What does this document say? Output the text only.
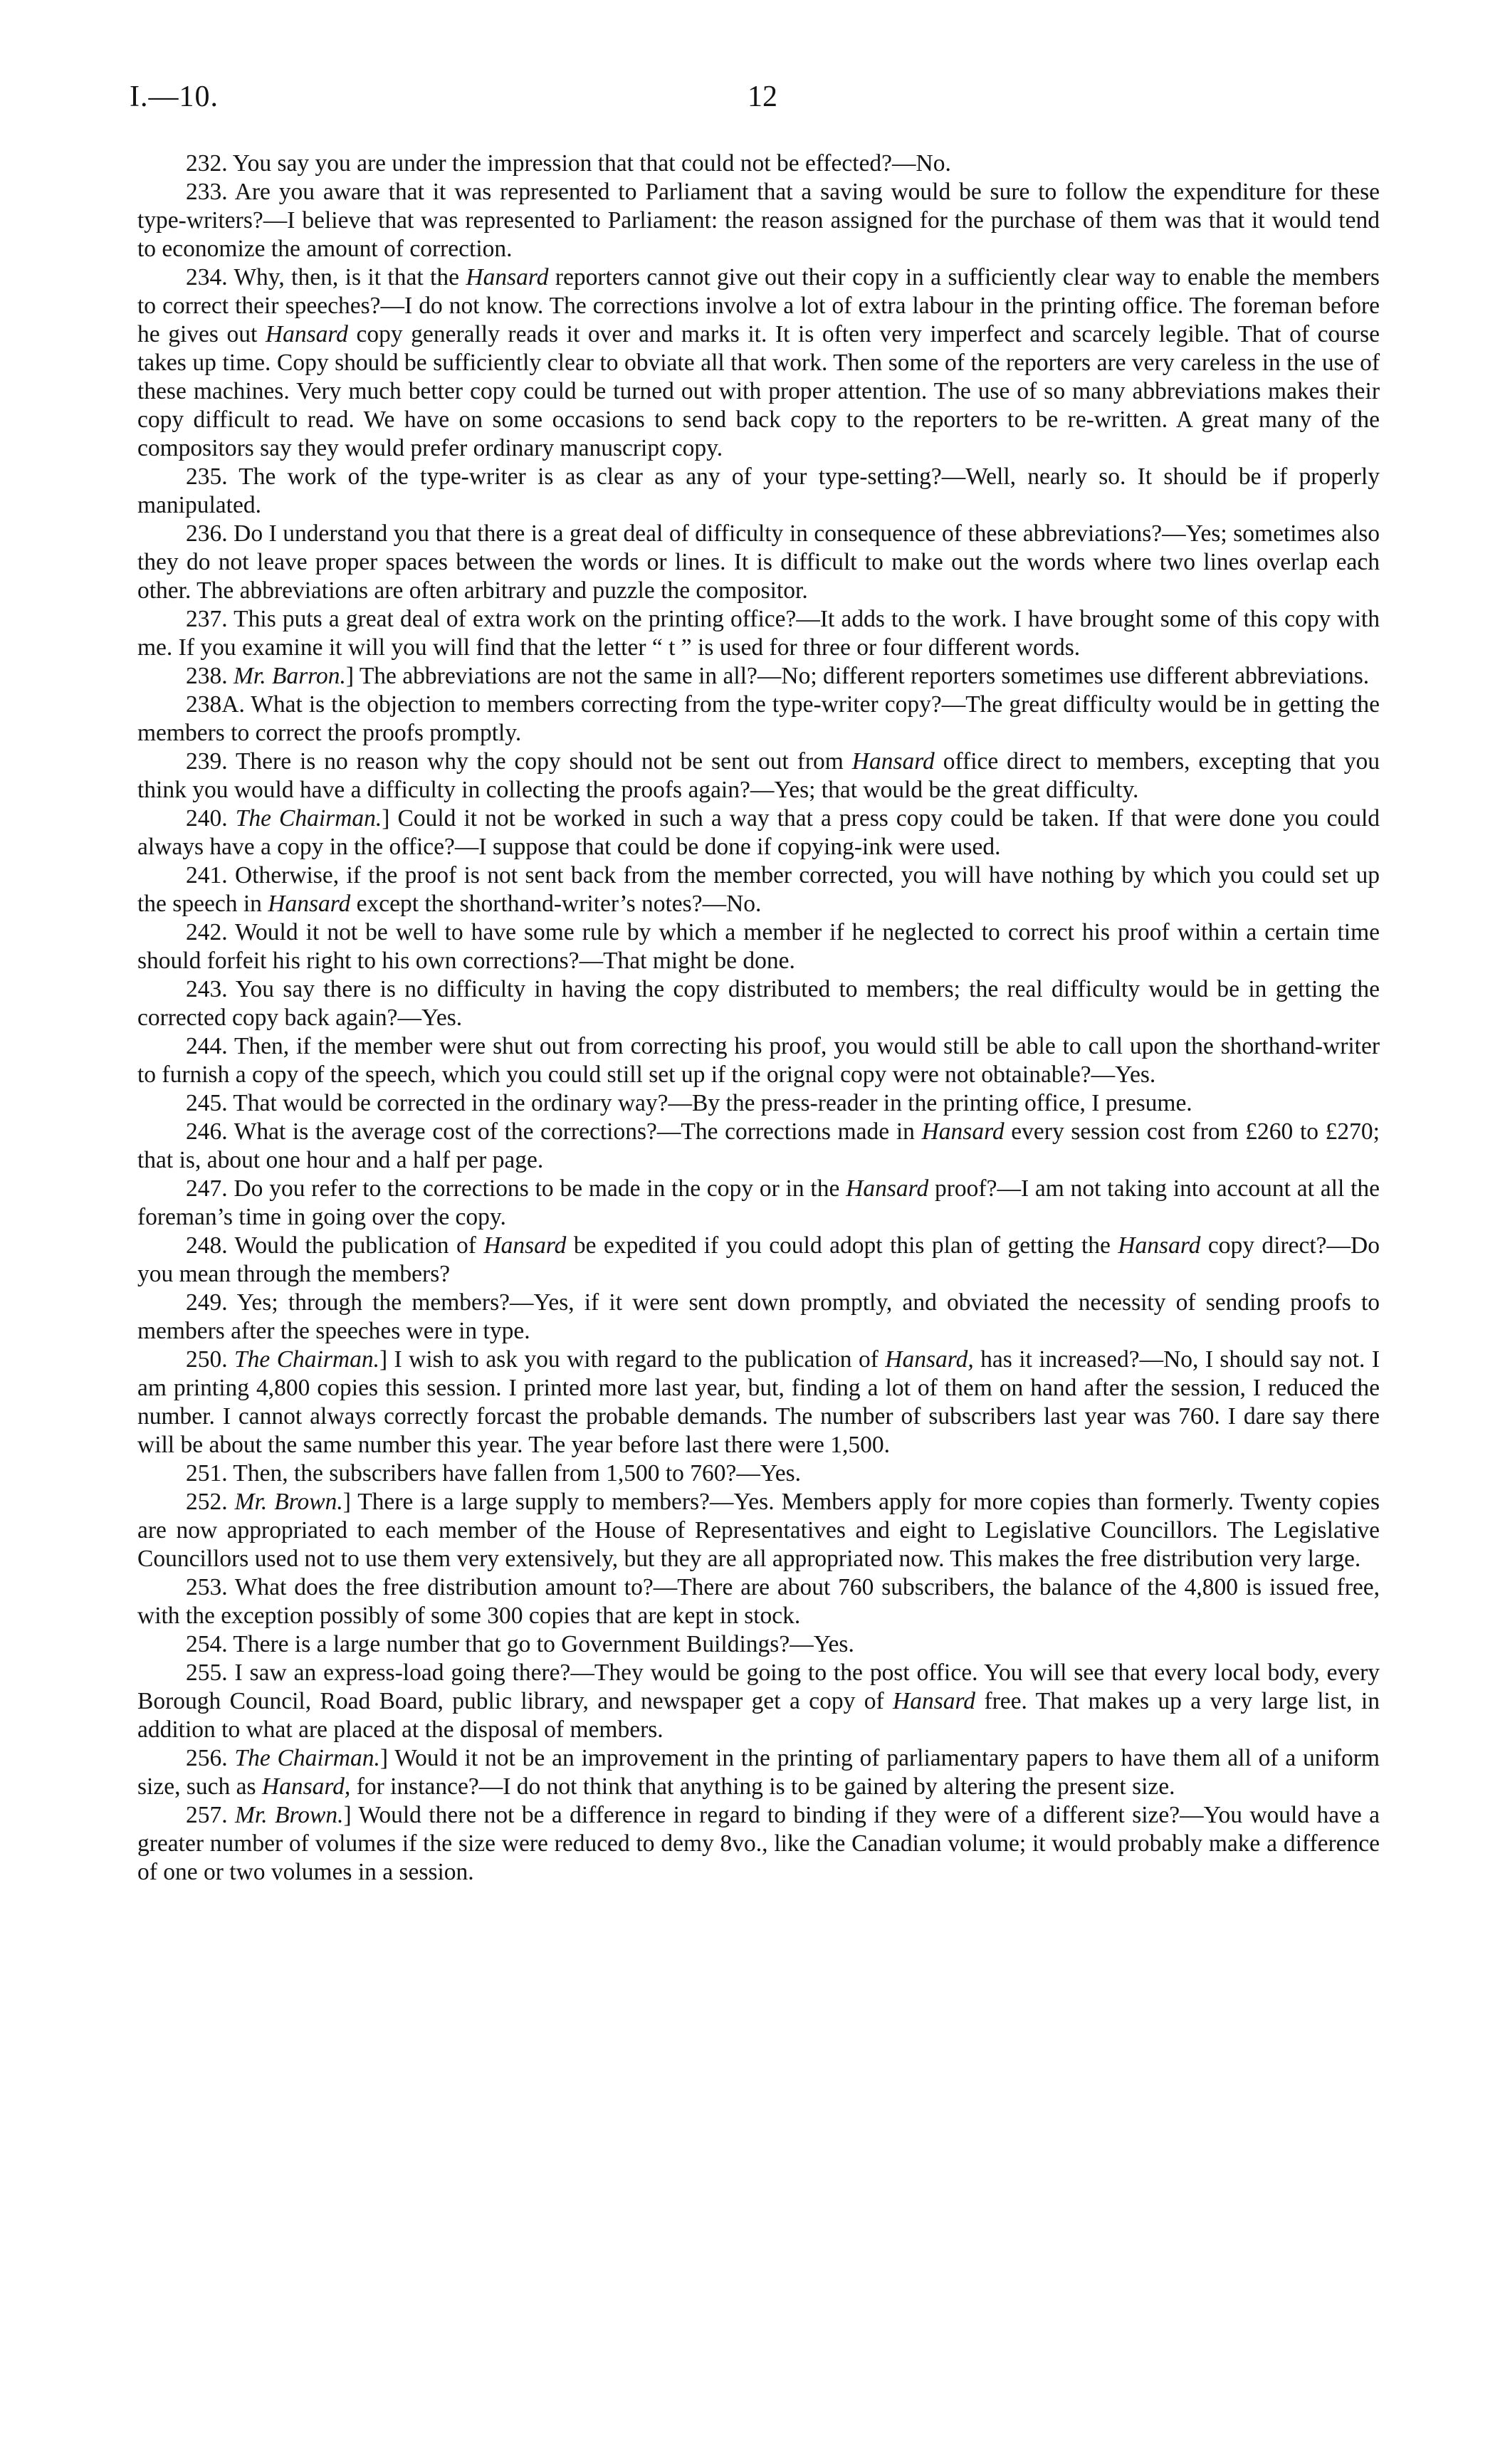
I.—10.	12

232. You say you are under the impression that that could not be effected?—No.

233. Are you aware that it was represented to Parliament that a saving would be sure to follow the expenditure for these type-writers?—I believe that was represented to Parliament: the reason assigned for the purchase of them was that it would tend to economize the amount of correction.

234. Why, then, is it that the Hansard reporters cannot give out their copy in a sufficiently clear way to enable the members to correct their speeches?—I do not know. The corrections involve a lot of extra labour in the printing office. The foreman before he gives out Hansard copy generally reads it over and marks it. It is often very imperfect and scarcely legible. That of course takes up time. Copy should be sufficiently clear to obviate all that work. Then some of the reporters are very careless in the use of these machines. Very much better copy could be turned out with proper attention. The use of so many abbreviations makes their copy difficult to read. We have on some occasions to send back copy to the reporters to be re-written. A great many of the compositors say they would prefer ordinary manuscript copy.

235. The work of the type-writer is as clear as any of your type-setting?—Well, nearly so. It should be if properly manipulated.

236. Do I understand you that there is a great deal of difficulty in consequence of these abbreviations?—Yes; sometimes also they do not leave proper spaces between the words or lines. It is difficult to make out the words where two lines overlap each other. The abbreviations are often arbitrary and puzzle the compositor.

237. This puts a great deal of extra work on the printing office?—It adds to the work. I have brought some of this copy with me. If you examine it will you will find that the letter “ t ” is used for three or four different words.

238. Mr. Barron.] The abbreviations are not the same in all?—No; different reporters sometimes use different abbreviations.

238A. What is the objection to members correcting from the type-writer copy?—The great difficulty would be in getting the members to correct the proofs promptly.

239. There is no reason why the copy should not be sent out from Hansard office direct to members, excepting that you think you would have a difficulty in collecting the proofs again?—Yes; that would be the great difficulty.

240. The Chairman.] Could it not be worked in such a way that a press copy could be taken. If that were done you could always have a copy in the office?—I suppose that could be done if copying-ink were used.

241. Otherwise, if the proof is not sent back from the member corrected, you will have nothing by which you could set up the speech in Hansard except the shorthand-writer’s notes?—No.

242. Would it not be well to have some rule by which a member if he neglected to correct his proof within a certain time should forfeit his right to his own corrections?—That might be done.

243. You say there is no difficulty in having the copy distributed to members; the real difficulty would be in getting the corrected copy back again?—Yes.

244. Then, if the member were shut out from correcting his proof, you would still be able to call upon the shorthand-writer to furnish a copy of the speech, which you could still set up if the orignal copy were not obtainable?—Yes.

245. That would be corrected in the ordinary way?—By the press-reader in the printing office, I presume.

246. What is the average cost of the corrections?—The corrections made in Hansard every session cost from £260 to £270; that is, about one hour and a half per page.

247. Do you refer to the corrections to be made in the copy or in the Hansard proof?—I am not taking into account at all the foreman’s time in going over the copy.

248. Would the publication of Hansard be expedited if you could adopt this plan of getting the Hansard copy direct?—Do you mean through the members?

249. Yes; through the members?—Yes, if it were sent down promptly, and obviated the necessity of sending proofs to members after the speeches were in type.

250. The Chairman.] I wish to ask you with regard to the publication of Hansard, has it increased?—No, I should say not. I am printing 4,800 copies this session. I printed more last year, but, finding a lot of them on hand after the session, I reduced the number. I cannot always correctly forcast the probable demands. The number of subscribers last year was 760. I dare say there will be about the same number this year. The year before last there were 1,500.

251. Then, the subscribers have fallen from 1,500 to 760?—Yes.

252. Mr. Brown.] There is a large supply to members?—Yes. Members apply for more copies than formerly. Twenty copies are now appropriated to each member of the House of Representatives and eight to Legislative Councillors. The Legislative Councillors used not to use them very extensively, but they are all appropriated now. This makes the free distribution very large.

253. What does the free distribution amount to?—There are about 760 subscribers, the balance of the 4,800 is issued free, with the exception possibly of some 300 copies that are kept in stock.

254. There is a large number that go to Government Buildings?—Yes.

255. I saw an express-load going there?—They would be going to the post office. You will see that every local body, every Borough Council, Road Board, public library, and newspaper get a copy of Hansard free. That makes up a very large list, in addition to what are placed at the disposal of members.

256. The Chairman.] Would it not be an improvement in the printing of parliamentary papers to have them all of a uniform size, such as Hansard, for instance?—I do not think that anything is to be gained by altering the present size.

257. Mr. Brown.] Would there not be a difference in regard to binding if they were of a different size?—You would have a greater number of volumes if the size were reduced to demy 8vo., like the Canadian volume; it would probably make a difference of one or two volumes in a session.
